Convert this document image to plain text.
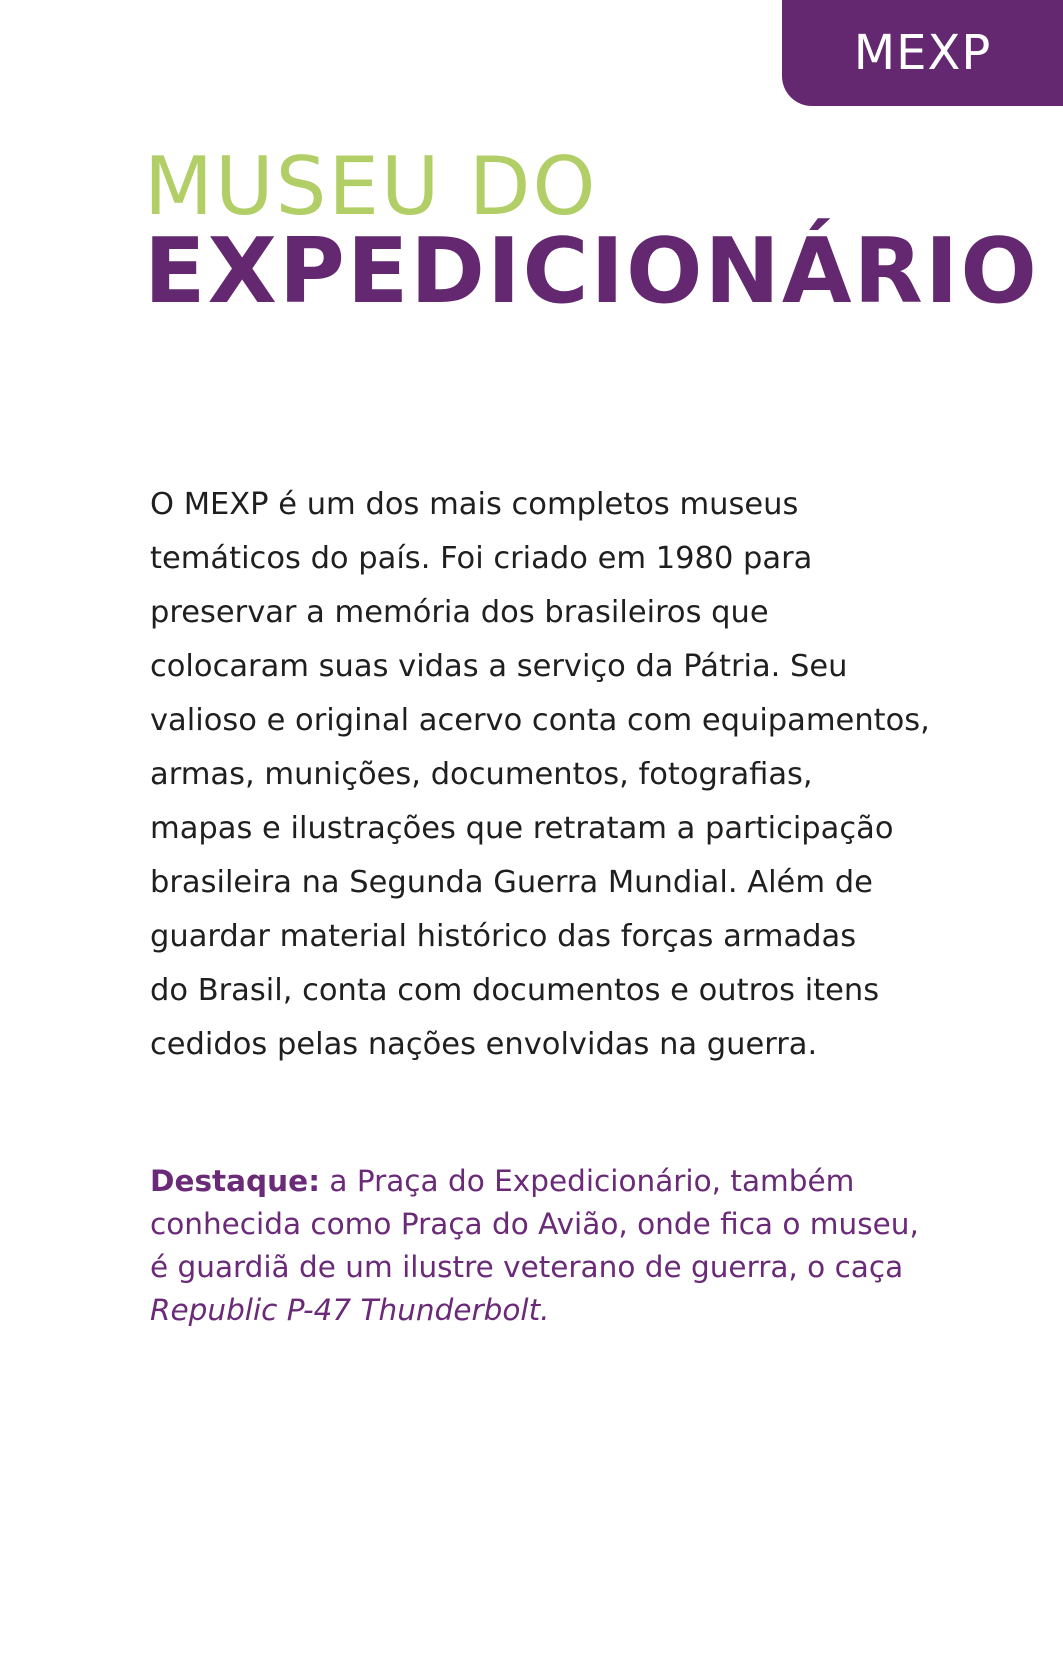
MEXP
MUSEU DO
EXPEDICIONÁRIO

O MEXP é um dos mais completos museus
temáticos do país. Foi criado em 1980 para
preservar a memória dos brasileiros que
colocaram suas vidas a serviço da Pátria. Seu
valioso e original acervo conta com equipamentos,
armas, munições, documentos, fotografias,
mapas e ilustrações que retratam a participação
brasileira na Segunda Guerra Mundial. Além de
guardar material histórico das forças armadas
do Brasil, conta com documentos e outros itens
cedidos pelas nações envolvidas na guerra.

Destaque: a Praça do Expedicionário, também
conhecida como Praça do Avião, onde fica o museu,
é guardiã de um ilustre veterano de guerra, o caça
Republic P-47 Thunderbolt.
